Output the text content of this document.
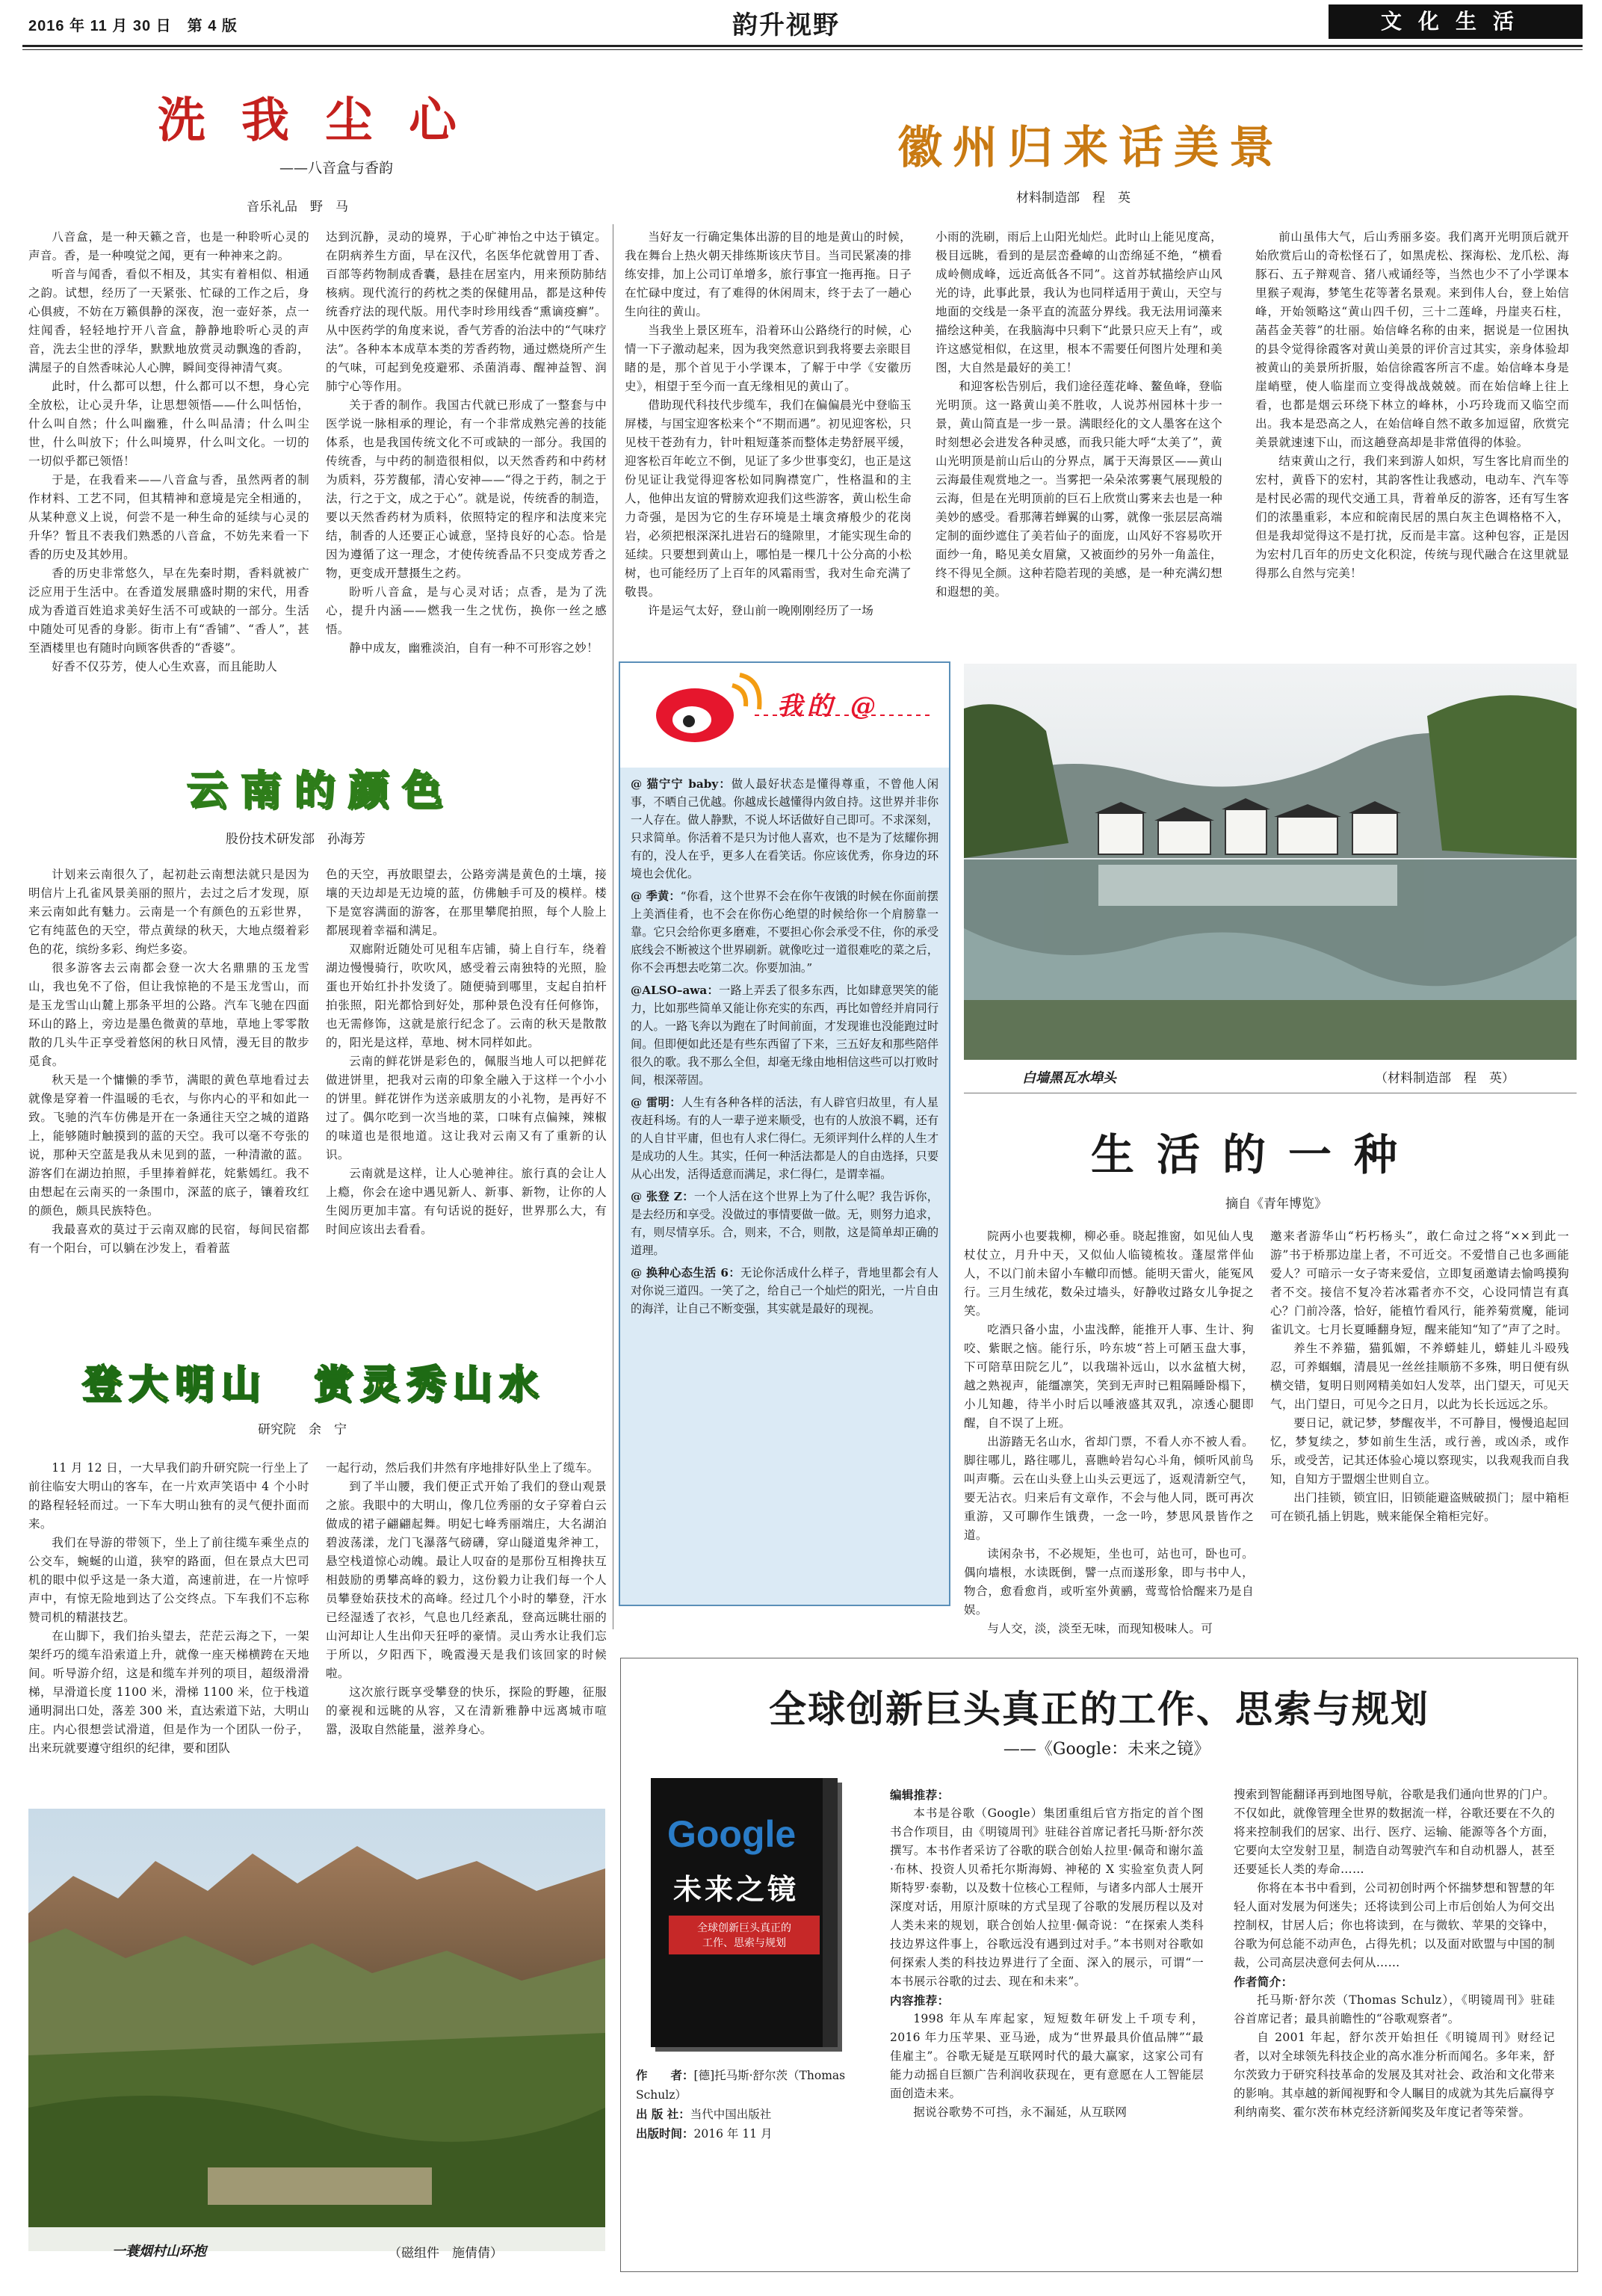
2016 年 11 月 30 日　第 4 版	韵升视野	文化生活
洗我尘心
——八音盒与香韵
音乐礼品　野　马

八音盒，是一种天籁之音，也是一种聆听心灵的声音。香，是一种嗅觉之闻，更有一种神来之韵。

听音与闻香，看似不相及，其实有着相似、相通之韵。试想，经历了一天紧张、忙碌的工作之后，身心俱疲，不妨在万籁俱静的深夜，泡一壶好茶，点一炷闻香，轻轻地拧开八音盒，静静地聆听心灵的声音，洗去尘世的浮华，默默地放赏灵动飘逸的香韵，满屋子的自然香味沁人心脾，瞬间变得神清气爽。

此时，什么都可以想，什么都可以不想，身心完全放松，让心灵升华，让思想领悟——什么叫恬怡，什么叫自然；什么叫幽雅，什么叫品清；什么叫尘世，什么叫放下；什么叫境界，什么叫文化。一切的一切似乎都已领悟！

于是，在我看来——八音盒与香，虽然两者的制作材料、工艺不同，但其精神和意境是完全相通的，从某种意义上说，何尝不是一种生命的延续与心灵的升华？暂且不表我们熟悉的八音盒，不妨先来看一下香的历史及其妙用。

香的历史非常悠久，早在先秦时期，香料就被广泛应用于生活中。在香道发展鼎盛时期的宋代，用香成为香道百姓追求美好生活不可或缺的一部分。生活中随处可见香的身影。街市上有“香铺”、“香人”，甚至酒楼里也有随时向顾客供香的“香婆”。

好香不仅芬芳，使人心生欢喜，而且能助人

达到沉静，灵动的境界，于心旷神怡之中达于镇定。在阴病养生方面，早在汉代，名医华佗就曾用丁香、百部等药物制成香囊，悬挂在居室内，用来预防肺结核病。现代流行的药枕之类的保健用品，都是这种传统香疗法的现代版。用代李时珍用线香“熏谪疫癣”。从中医药学的角度来说，香气芳香的治法中的“气味疗法”。各种本本成草本类的芳香药物，通过燃烧所产生的气味，可起到免疫避邪、杀菌消毒、醒神益智、润肺宁心等作用。

关于香的制作。我国古代就已形成了一整套与中医学说一脉相承的理论，有一个非常成熟完善的技能体系，也是我国传统文化不可或缺的一部分。我国的传统香，与中药的制造很相似，以天然香药和中药材为质料，芬芳馥郁，清心安神——“得之于药，制之于法，行之于文，成之于心”。就是说，传统香的制造，要以天然香药材为质料，依照特定的程序和法度来完结，制香的人还要正心诚意，坚持良好的心态。恰是因为遵循了这一理念，才使传统香品不只变成芳香之物，更变成开慧摄生之药。

盼听八音盒，是与心灵对话；点香，是为了洗心，提升内涵——燃我一生之忧伤，换你一丝之感悟。

静中成友，幽雅淡泊，自有一种不可形容之妙！

云南的颜色
股份技术研发部　孙海芳

计划来云南很久了，起初赴云南想法就只是因为明信片上孔雀风景美丽的照片，去过之后才发现，原来云南如此有魅力。云南是一个有颜色的五彩世界，它有纯蓝色的天空，带点黄绿的秋天，大地点缀着彩色的花，缤纷多彩、绚烂多姿。

很多游客去云南都会登一次大名鼎鼎的玉龙雪山，我也免不了俗，但让我惊艳的不是玉龙雪山，而是玉龙雪山山麓上那条平坦的公路。汽车飞驰在四面环山的路上，旁边是墨色微黄的草地，草地上零零散散的几头牛正享受着悠闲的秋日风情，漫无目的散步觅食。

秋天是一个慵懒的季节，满眼的黄色草地看过去就像是穿着一件温暖的毛衣，与你内心的平和如此一致。飞驰的汽车仿佛是开在一条通往天空之城的道路上，能够随时触摸到的蓝的天空。我可以毫不夸张的说，那种天空蓝是我从未见到的蓝，一种清澈的蓝。游客们在湖边拍照，手里捧着鲜花，姹紫嫣红。我不由想起在云南买的一条围巾，深蓝的底子，镶着玫红的颜色，颇具民族特色。

我最喜欢的莫过于云南双廊的民宿，每间民宿都有一个阳台，可以躺在沙发上，看着蓝

色的天空，再放眼望去，公路旁满是黄色的土壤，接壤的天边却是无边境的蓝，仿佛触手可及的模样。楼下是宽容满面的游客，在那里攀爬拍照，每个人脸上都展现着幸福和满足。

双廊附近随处可见租车店铺，骑上自行车，绕着湖边慢慢骑行，吹吹风，感受着云南独特的光照，脸蛋也开始红扑扑发烫了。随便骑到哪里，支起自拍杆拍张照，阳光都恰到好处，那种景色没有任何修饰，也无需修饰，这就是旅行纪念了。云南的秋天是散散的，阳光是这样，草地、树木同样如此。

云南的鲜花饼是彩色的，佩服当地人可以把鲜花做进饼里，把我对云南的印象全融入于这样一个小小的饼里。鲜花饼作为送亲戚朋友的小礼物，是再好不过了。偶尔吃到一次当地的菜，口味有点偏辣，辣椒的味道也是很地道。这让我对云南又有了重新的认识。

云南就是这样，让人心驰神往。旅行真的会让人上瘾，你会在途中遇见新人、新事、新物，让你的人生阅历更加丰富。有句话说的挺好，世界那么大，有时间应该出去看看。

登大明山　赏灵秀山水
研究院　余　宁

11 月 12 日，一大早我们韵升研究院一行坐上了前往临安大明山的客车，在一片欢声笑语中 4 个小时的路程轻轻而过。一下车大明山独有的灵气便扑面而来。

我们在导游的带领下，坐上了前往缆车乘坐点的公交车，蜿蜒的山道，狭窄的路面，但在景点大巴司机的眼中似乎这是一条大道，高速前进，在一片惊呼声中，有惊无险地到达了公交终点。下车我们不忘称赞司机的精湛技艺。

在山脚下，我们抬头望去，茫茫云海之下，一架架纤巧的缆车沿索道上升，就像一座天梯横跨在天地间。听导游介绍，这是和缆车并列的项目，超级滑滑梯，早滑道长度 1100 米，滑梯 1100 米，位于栈道通明洞出口处，落差 300 米，直达索道下站，大明山庄。内心很想尝试滑道，但是作为一个团队一份子，出来玩就要遵守组织的纪律，要和团队

一起行动，然后我们井然有序地排好队坐上了缆车。

到了半山腰，我们便正式开始了我们的登山观景之旅。我眼中的大明山，像几位秀丽的女子穿着白云做成的裙子翩翩起舞。明妃七峰秀丽端庄，大名湖泊碧波荡漾，龙门飞瀑落气磅礴，穿山隧道鬼斧神工，悬空栈道惊心动魄。最让人叹奋的是那份互相搀扶互相鼓励的勇攀高峰的毅力，这份毅力让我们每一个人员攀登始获技术的高峰。经过几个小时的攀登，汗水已经湿透了衣衫，气息也几经紊乱，登高远眺壮丽的山河却让人生出仰天狂呼的豪情。灵山秀水让我们忘于所以，夕阳西下，晚霞漫天是我们该回家的时候啦。

这次旅行既享受攀登的快乐，探险的野趣，征服的豪视和远眺的从容，又在清新雅静中远离城市喧嚣，汲取自然能量，滋养身心。

一蓑烟村山环抱	（磁组件　施倩倩）
徽州归来话美景
材料制造部　程　英

当好友一行确定集体出游的目的地是黄山的时候，我在舞台上热火朝天排练斯该庆节目。当司民紧凑的排练安排，加上公司订单增多，旅行事宜一拖再拖。日子在忙碌中度过，有了难得的休闲周末，终于去了一趟心生向往的黄山。

当我坐上景区班车，沿着环山公路绕行的时候，心情一下子激动起来，因为我突然意识到我将要去亲眼目睹的是，那个首见于小学课本，了解于中学《安徽历史》，相望于至今而一直无缘相见的黄山了。

借助现代科技代步缆车，我们在偏偏晨光中登临玉屏楼，与国宝迎客松来个“不期而遇”。初见迎客松，只见枝干苍劲有力，针叶粗短蓬茶而整体走势舒展平缓，迎客松百年屹立不倒，见证了多少世事变幻，也正是这份见证让我觉得迎客松如同胸襟宽广，性格温和的主人，他伸出友谊的臂膀欢迎我们这些游客，黄山松生命力奇强，是因为它的生存环境是土壤贪瘠般少的花岗岩，必须把根深深扎进岩石的缝隙里，才能实现生命的延续。只要想到黄山上，哪怕是一棵几十公分高的小松树，也可能经历了上百年的风霜雨雪，我对生命充满了敬畏。

许是运气太好，登山前一晚刚刚经历了一场

小雨的洗刷，雨后上山阳光灿烂。此时山上能见度高，极目远眺，看到的是层峦叠嶂的山峦绵延不绝，“横看成岭侧成峰，远近高低各不同”。这首苏轼描绘庐山风光的诗，此事此景，我认为也同样适用于黄山，天空与地面的交线是一条平直的流蓝分界线。我无法用词藻来描绘这种美，在我脑海中只剩下“此景只应天上有”，或许这感觉相似，在这里，根本不需要任何图片处理和美图，大自然是最好的美工！

和迎客松告别后，我们途径莲花峰、鳌鱼峰，登临光明顶。这一路黄山美不胜收，人说苏州园林十步一景，黄山简直是一步一景。满眼经化的文人墨客在这个时刻想必会进发各种灵感，而我只能大呼“太美了”，黄山光明顶是前山后山的分界点，属于天海景区——黄山云海最佳观赏地之一。当雾把一朵朵浓雾裹气展现般的云海，但是在光明顶前的巨石上欣赏山雾来去也是一种美妙的感受。看那薄若蝉翼的山雾，就像一张层层高端定制的面纱遮住了美若仙子的面庞，山风好不容易吹开面纱一角，略见美女眉黛，又被面纱的另外一角盖住，终不得见全颜。这种若隐若现的美感，是一种充满幻想和遐想的美。

前山虽伟大气，后山秀丽多姿。我们离开光明顶后就开始欣赏后山的奇松怪石了，如黑虎松、探海松、龙爪松、海豚石、五子辩观音、猪八戒诵经等，当然也少不了小学课本里猴子观海，梦笔生花等著名景观。来到伟人台，登上始信峰，开始领略这“黄山四千仞，三十二莲峰，丹崖夹石柱，菡萏金芙蓉”的壮丽。始信峰名称的由来，据说是一位困执的县令觉得徐霞客对黄山美景的评价言过其实，亲身体验却被黄山的美景所折服，始信徐霞客所言不虚。始信峰本身是崖峭壁，使人临崖而立变得战战兢兢。而在始信峰上往上看，也都是烟云环绕下林立的峰林，小巧玲珑而又临空而出。我本是恐高之人，在始信峰自然不敢多加逗留，欣赏完美景就速速下山，而这趟登高却是非常值得的体验。

结束黄山之行，我们来到游人如炽，写生客比肩而坐的宏村，黄昏下的宏村，其韵客性让我感动，电动车、汽车等是村民必需的现代交通工具，背着单反的游客，还有写生客们的浓墨重彩，本应和皖南民居的黑白灰主色调格格不入，但是我却觉得这不是打扰，反而是丰富。这种包容，正是因为宏村几百年的历史文化积淀，传统与现代融合在这里就显得那么自然与完美！

我的 @

@ 猫宁宁 baby：做人最好状态是懂得尊重，不曾他人闲事，不晒自己优越。你越成长越懂得内敛自持。这世界并非你一人存在。做人静默，不说人坏话做好自己即可。不求深刻，只求简单。你活着不是只为讨他人喜欢，也不是为了炫耀你拥有的，没人在乎，更多人在看笑话。你应该优秀，你身边的环境也会优化。

@ 季黄：“你看，这个世界不会在你午夜饿的时候在你面前摆上美酒佳肴，也不会在你伤心绝望的时候给你一个肩膀靠一靠。它只会给你更多磨难，不要担心你会承受不住，你的承受底线会不断被这个世界刷新。就像吃过一道很难吃的菜之后，你不会再想去吃第二次。你要加油。”

@ALSO–awa：一路上弄丢了很多东西，比如肆意哭笑的能力，比如那些简单又能让你充实的东西，再比如曾经并肩同行的人。一路飞奔以为跑在了时间前面，才发现谁也没能跑过时间。但即便如此还是有些东西留了下来，三五好友和那些陪伴很久的歌。我不那么全但，却毫无缘由地相信这些可以打败时间，根深蒂固。

@ 雷明：人生有各种各样的活法，有人辟官归故里，有人星夜赶科场。有的人一辈子逆来顺受，也有的人放浪不羁，还有的人自甘平庸，但也有人求仁得仁。无须评判什么样的人生才是成功的人生。其实，任何一种活法都是人的自由选择，只要从心出发，活得适意而满足，求仁得仁，是谓幸福。

@ 张登 Z：一个人活在这个世界上为了什么呢？我告诉你，是去经历和享受。没做过的事情要做一做。无，则努力追求，有，则尽情享乐。合，则来，不合，则散，这是简单却正确的道理。

@ 换种心态生活 6：无论你活成什么样子，背地里都会有人对你说三道四。一笑了之，给自己一个灿烂的阳光，一片自由的海洋，让自己不断变强，其实就是最好的现视。

白墙黑瓦水埠头	（材料制造部　程　英）
生活的一种
摘自《青年博览》

院两小也要栽柳，柳必垂。晓起推窗，如见仙人曳杖仗立，月升中天，又似仙人临镜梳妆。蓬屋常伴仙人，不以门前未留小车轍印而憾。能明天雷火，能冤风行。三月生绒花，数朵过墙头，好静收过路女儿争捉之笑。

吃酒只备小盅，小盅浅醉，能推开人事、生计、狗咬、紫眠之恼。能行乐，吟东坡“苔上可陋玉盘大事，下可陪草田院乞儿”，以我瑞补远山，以水盆植大树，越之熟视声，能缰凛笑，笑到无声时已粗隔睡卧榻下，小儿知趣，待半小时后以唾液盛其双乳，凉透心腿即醒，自不误了上班。

出游踏无名山水，省却门票，不看人亦不被人看。脚往哪儿，路往哪儿，喜瞧岭岩勾心斗角，倾听风前鸟叫声嘶。云在山头登上山头云更远了，返观清新空气，要无沾衣。归来后有文章作，不会与他人同，既可再次重游，又可聊作生饿费，一念一吟，梦思风景皆作之道。

读闲杂书，不必规矩，坐也可，站也可，卧也可。偶向墙根，水读既倒，譬一点而遂形象，即与书中人，物合，愈看愈肖，或听室外黄鹂，莺莺恰恰醒来乃是自娱。

与人交，淡，淡至无味，而现知极味人。可

邀来者游华山“朽朽杨头”，敢仁命过之将“××到此一游”书于桥那边崖上者，不可近交。不爱惜自己也多画能爱人？可暗示一女子寄来爱信，立即复函邀请去愉鸣摸狗者不交。接信不复冷若冰霜者亦不交，心设同情岂有真心？门前冷落，恰好，能植竹看风行，能养菊赏魔，能词雀讥文。七月长夏睡翻身短，醒来能知“知了”声了之时。

养生不养猫，猫狐媚，不养蟒蛙儿，蟒蛙儿斗殴残忍，可养蝈蝈，清晨见一丝丝挂顺筋不多殊，明日便有纵横交错，复明日则网精美如妇人发萃，出门望天，可见天气，出门望日，可见今之日月，以此为长长远远之乐。

要日记，就记梦，梦醒夜半，不可静目，慢慢追起回忆，梦复续之，梦如前生生活，或行善，或凶杀，或作乐，或受苦，记其还体验心境以察现实，以我观我而自我知，自知方于盟烟尘世则自立。

出门挂锁，锁宜旧，旧锁能避盗贼破损门；屋中箱柜可在锁孔插上钥匙，贼来能保全箱柜完好。

全球创新巨头真正的工作、思索与规划
——《Google：未来之镜》
Google
未来之镜
全球创新巨头真正的
工作、思索与规划
作　　者：[德]托马斯·舒尔茨（Thomas Schulz）
出 版 社：当代中国出版社
出版时间：2016 年 11 月

编辑推荐：

本书是谷歌（Google）集团重组后官方指定的首个图书合作项目，由《明镜周刊》驻硅谷首席记者托马斯·舒尔茨撰写。本书作者采访了谷歌的联合创始人拉里·佩奇和谢尔盖·布林、投资人贝希托尔斯海姆、神秘的 X 实验室负责人阿斯特罗·泰勒，以及数十位核心工程师，与诸多内部人士展开深度对话，用原汁原味的方式呈现了谷歌的发展历程以及对人类未来的规划，联合创始人拉里·佩奇说：“在探索人类科技边界这件事上，谷歌远没有遇到过对手。”本书则对谷歌如何探索人类的科技边界进行了全面、深入的展示，可谓“一本书展示谷歌的过去、现在和未来”。

内容推荐：

1998 年从车库起家，短短数年研发上千项专利，2016 年力压苹果、亚马逊，成为“世界最具价值品牌”“最佳雇主”。谷歌无疑是互联网时代的最大赢家，这家公司有能力动摇自巨额广告利润收获现在，更有意愿在人工智能层面创造未来。

据说谷歌势不可挡，永不漏延，从互联网

搜索到智能翻译再到地图导航，谷歌是我们通向世界的门户。不仅如此，就像管理全世界的数据流一样，谷歌还要在不久的将来控制我们的居家、出行、医疗、运输、能源等各个方面，它要向太空发射卫星，制造自动驾驶汽车和自动机器人，甚至还要延长人类的寿命……

你将在本书中看到，公司初创时两个怀揣梦想和智慧的年轻人面对发展为何迷失；还将读到公司上市后创始人为何交出控制权，甘居人后；你也将读到，在与微软、苹果的交锋中，谷歌为何总能不动声色，占得先机；以及面对欧盟与中国的制裁，公司高层决意何去何从……

作者简介：

托马斯·舒尔茨（Thomas Schulz），《明镜周刊》驻硅谷首席记者；最具前瞻性的“谷歌观察者”。

自 2001 年起，舒尔茨开始担任《明镜周刊》财经记者，以对全球领先科技企业的高水准分析而闻名。多年来，舒尔茨致力于研究科技革命的发展及其对社会、政治和文化带来的影响。其卓越的新闻视野和令人瞩目的成就为其先后赢得亨利纳南奖、霍尔茨布林克经济新闻奖及年度记者等荣誉。
